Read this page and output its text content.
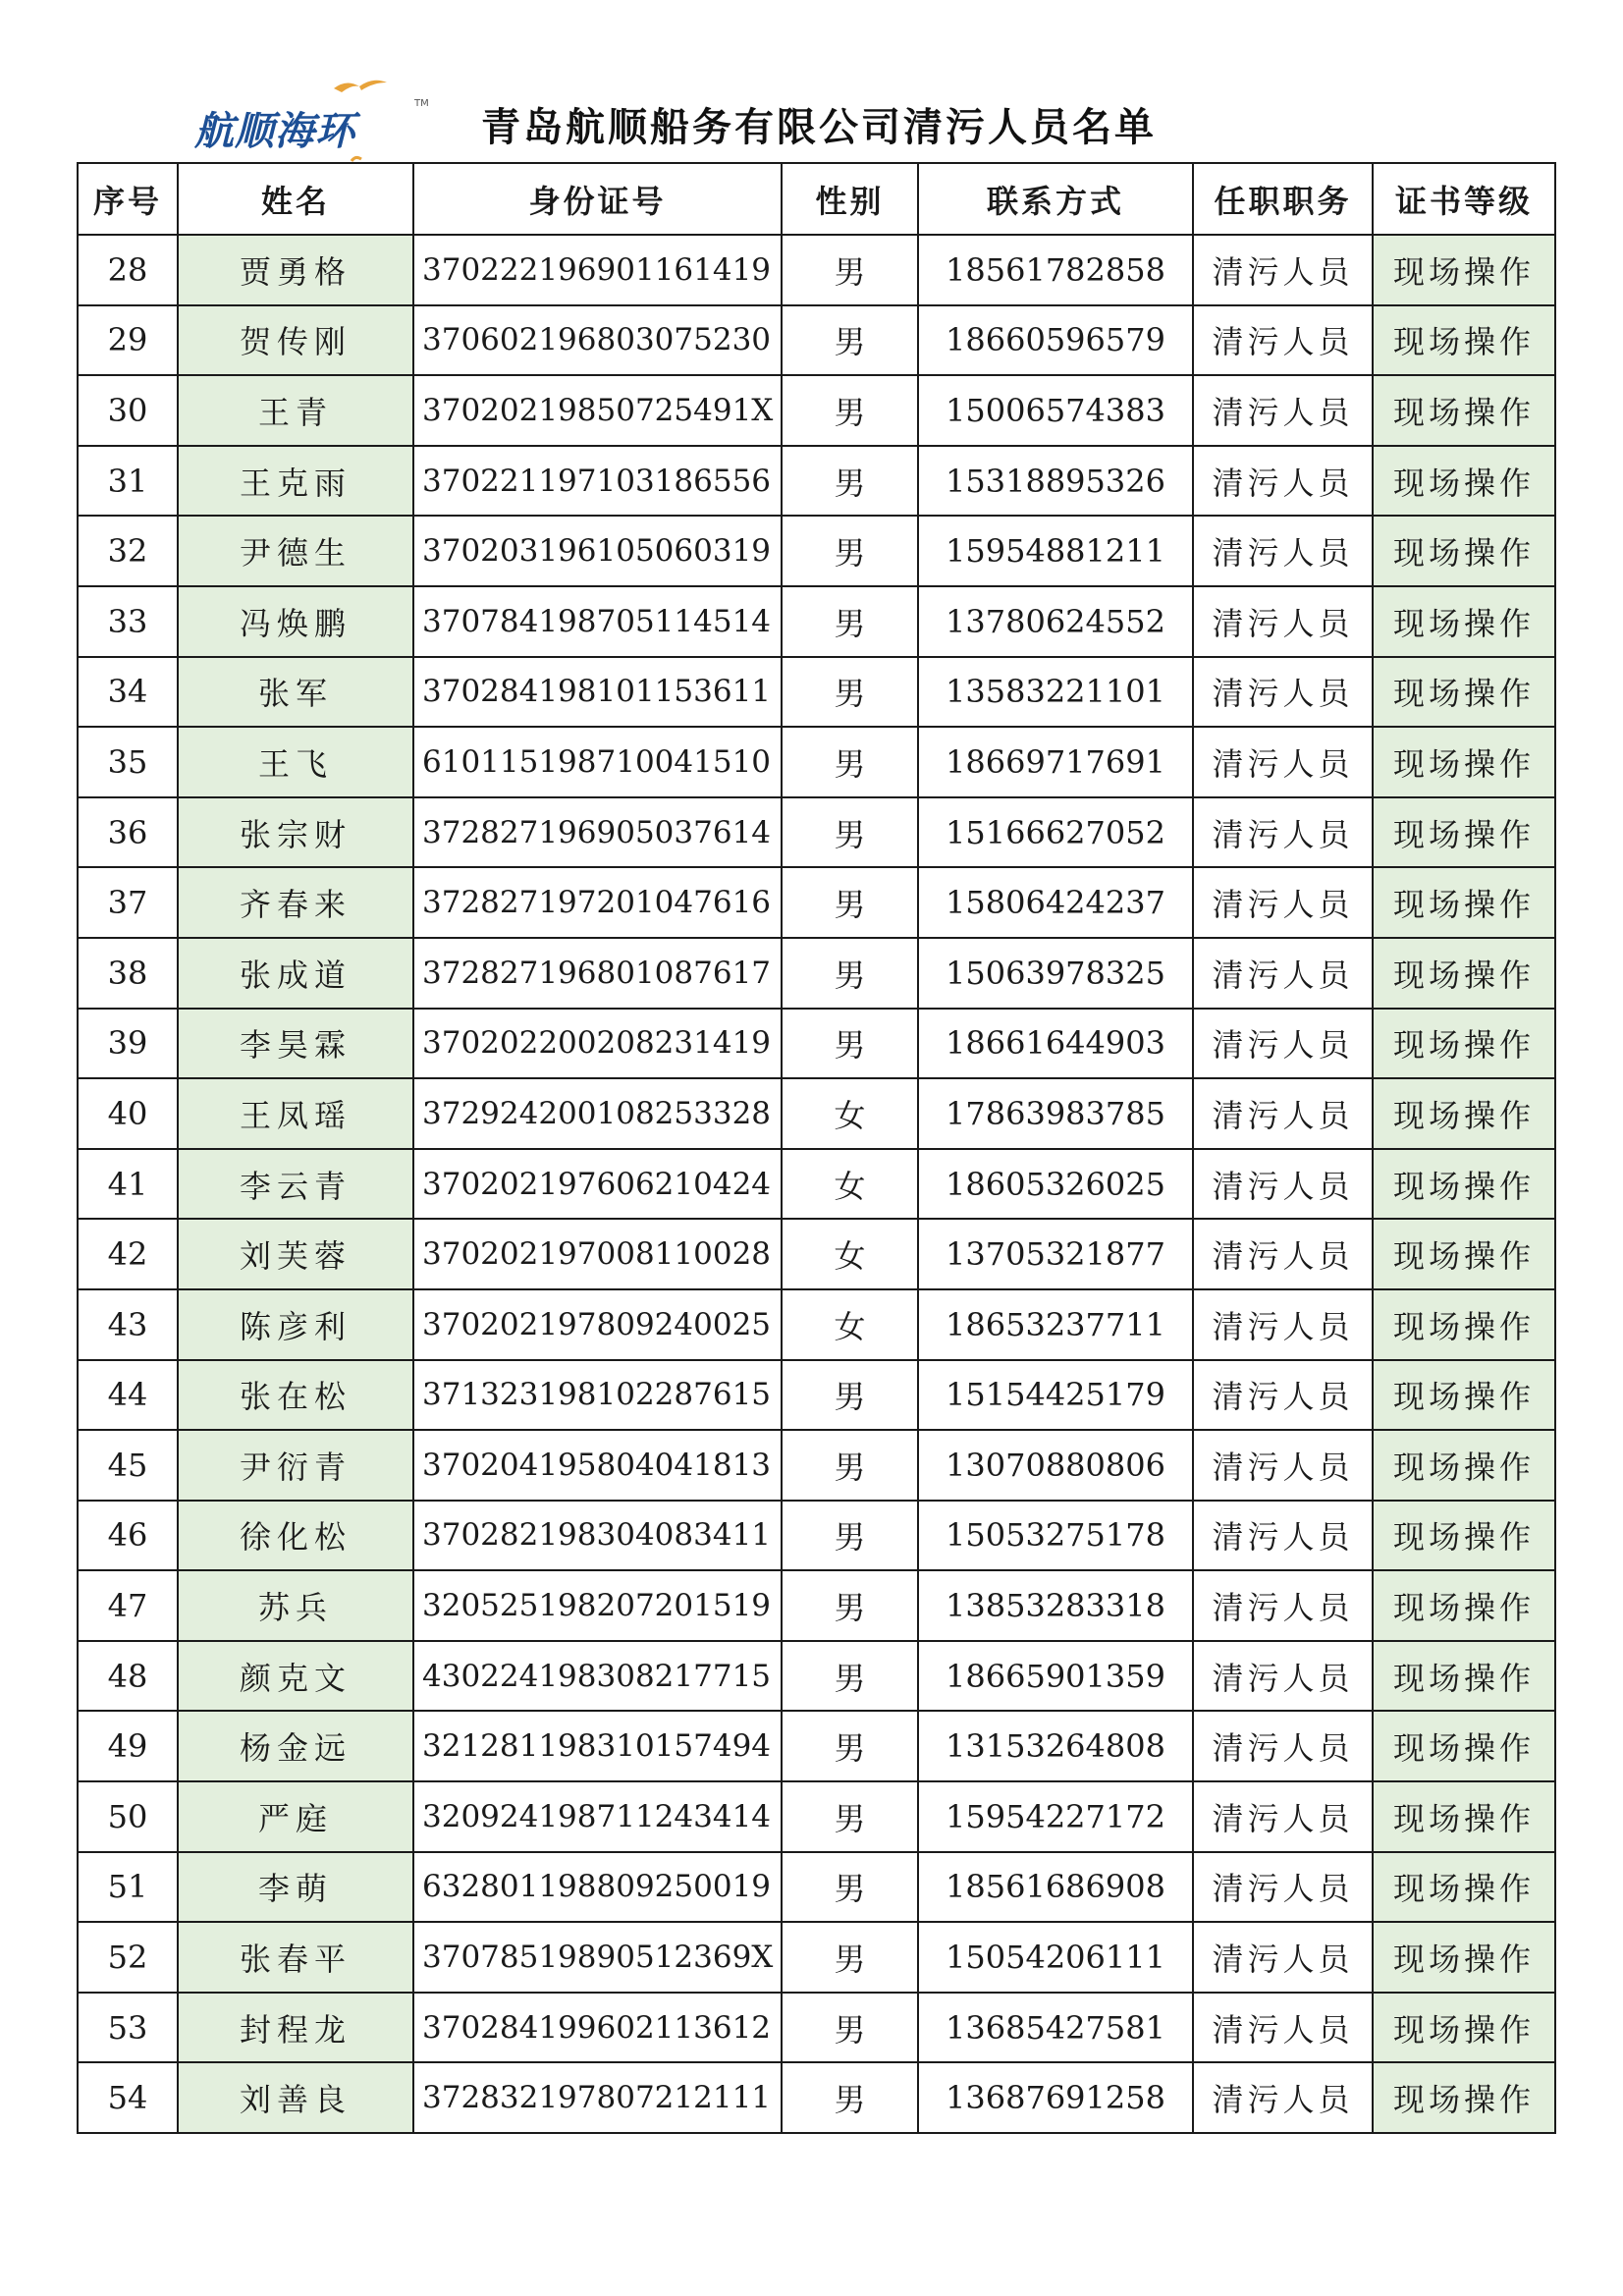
航顺海环
TM
青岛航顺船务有限公司清污人员名单
序号	姓名	身份证号	性别	联系方式	任职职务	证书等级
28	贾勇格	370222196901161419	男	18561782858	清污人员	现场操作
29	贺传刚	370602196803075230	男	18660596579	清污人员	现场操作
30	王青	37020219850725491X	男	15006574383	清污人员	现场操作
31	王克雨	370221197103186556	男	15318895326	清污人员	现场操作
32	尹德生	370203196105060319	男	15954881211	清污人员	现场操作
33	冯焕鹏	370784198705114514	男	13780624552	清污人员	现场操作
34	张军	370284198101153611	男	13583221101	清污人员	现场操作
35	王飞	610115198710041510	男	18669717691	清污人员	现场操作
36	张宗财	372827196905037614	男	15166627052	清污人员	现场操作
37	齐春来	372827197201047616	男	15806424237	清污人员	现场操作
38	张成道	372827196801087617	男	15063978325	清污人员	现场操作
39	李昊霖	370202200208231419	男	18661644903	清污人员	现场操作
40	王凤瑶	372924200108253328	女	17863983785	清污人员	现场操作
41	李云青	370202197606210424	女	18605326025	清污人员	现场操作
42	刘芙蓉	370202197008110028	女	13705321877	清污人员	现场操作
43	陈彦利	370202197809240025	女	18653237711	清污人员	现场操作
44	张在松	371323198102287615	男	15154425179	清污人员	现场操作
45	尹衍青	370204195804041813	男	13070880806	清污人员	现场操作
46	徐化松	370282198304083411	男	15053275178	清污人员	现场操作
47	苏兵	320525198207201519	男	13853283318	清污人员	现场操作
48	颜克文	430224198308217715	男	18665901359	清污人员	现场操作
49	杨金远	321281198310157494	男	13153264808	清污人员	现场操作
50	严庭	320924198711243414	男	15954227172	清污人员	现场操作
51	李萌	632801198809250019	男	18561686908	清污人员	现场操作
52	张春平	37078519890512369X	男	15054206111	清污人员	现场操作
53	封程龙	370284199602113612	男	13685427581	清污人员	现场操作
54	刘善良	372832197807212111	男	13687691258	清污人员	现场操作
